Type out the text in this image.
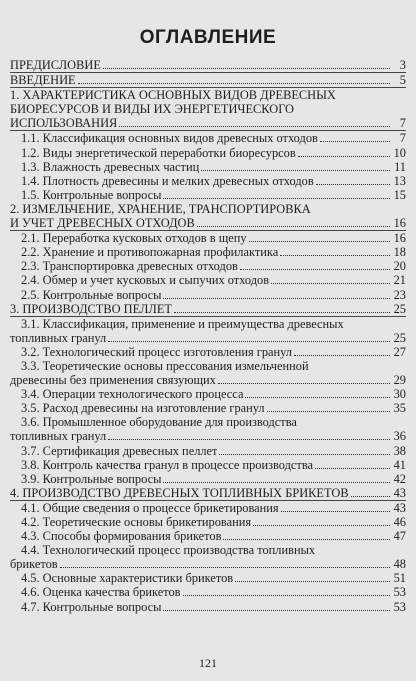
ОГЛАВЛЕНИЕ
ПРЕДИСЛОВИЕ	3
ВВЕДЕНИЕ	5
1. ХАРАКТЕРИСТИКА ОСНОВНЫХ ВИДОВ ДРЕВЕСНЫХ
БИОРЕСУРСОВ И ВИДЫ ИХ ЭНЕРГЕТИЧЕСКОГО
ИСПОЛЬЗОВАНИЯ	7
1.1. Классификация основных видов древесных отходов	7
1.2. Виды энергетической переработки биоресурсов	10
1.3. Влажность древесных частиц	11
1.4. Плотность древесины и мелких древесных отходов	13
1.5. Контрольные вопросы	15
2. ИЗМЕЛЬЧЕНИЕ, ХРАНЕНИЕ, ТРАНСПОРТИРОВКА
И УЧЕТ ДРЕВЕСНЫХ ОТХОДОВ	16
2.1. Переработка кусковых отходов в щепу	16
2.2. Хранение и противопожарная профилактика	18
2.3. Транспортировка древесных отходов	20
2.4. Обмер и учет кусковых и сыпучих отходов	21
2.5. Контрольные вопросы	23
3. ПРОИЗВОДСТВО ПЕЛЛЕТ	25
3.1. Классификация, применение и преимущества древесных
топливных гранул	25
3.2. Технологический процесс изготовления гранул	27
3.3. Теоретические основы прессования измельченной
древесины без применения связующих	29
3.4. Операции технологического процесса	30
3.5. Расход древесины на изготовление гранул	35
3.6. Промышленное оборудование для производства
топливных гранул	36
3.7. Сертификация древесных пеллет	38
3.8. Контроль качества гранул в процессе производства	41
3.9. Контрольные вопросы	42
4. ПРОИЗВОДСТВО ДРЕВЕСНЫХ ТОПЛИВНЫХ БРИКЕТОВ	43
4.1. Общие сведения о процессе брикетирования	43
4.2. Теоретические основы брикетирования	46
4.3. Способы формирования брикетов	47
4.4. Технологический процесс производства топливных
брикетов	48
4.5. Основные характеристики брикетов	51
4.6. Оценка качества брикетов	53
4.7. Контрольные вопросы	53
121
